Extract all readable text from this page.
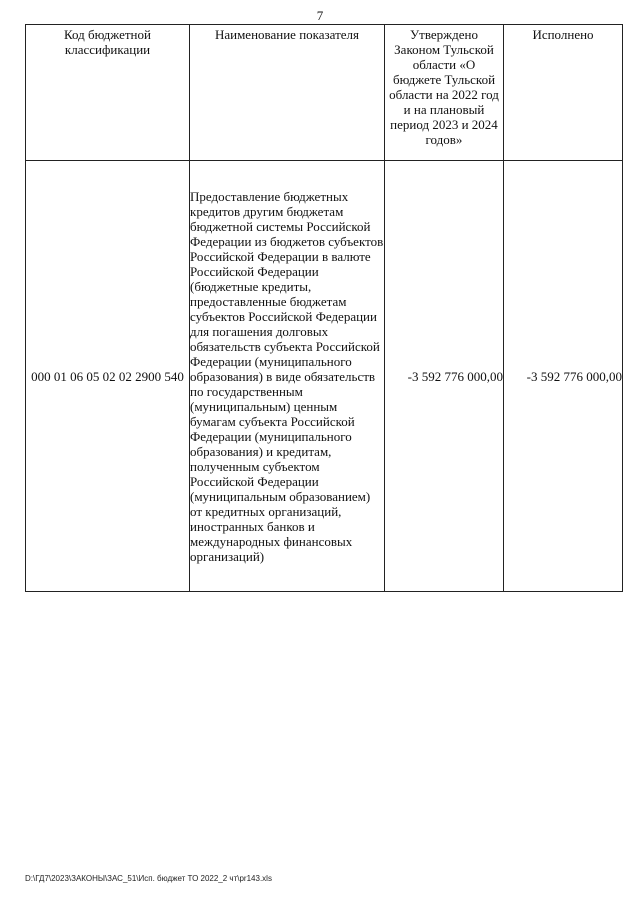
7
Код бюджетной классификации	Наименование показателя	Утверждено Законом Тульской области «О бюджете Тульской области на 2022 год и на плановый период 2023 и 2024 годов»	Исполнено
000 01 06 05 02 02 2900 540	Предоставление бюджетных кредитов другим бюджетам бюджетной системы Российской Федерации из бюджетов субъектов Российской Федерации в валюте Российской Федерации (бюджетные кредиты, предоставленные бюджетам субъектов Российской Федерации для погашения долговых обязательств субъекта Российской Федерации (муниципального образования) в виде обязательств по государственным (муниципальным) ценным бумагам субъекта Российской Федерации (муниципального образования) и кредитам, полученным субъектом Российской Федерации (муниципальным образованием) от кредитных организаций, иностранных банков и международных финансовых организаций)	-3 592 776 000,00	-3 592 776 000,00
D:\ГД7\2023\ЗАКОНЫ\ЗАС_51\Исп. бюджет ТО 2022_2 чт\pr143.xls
